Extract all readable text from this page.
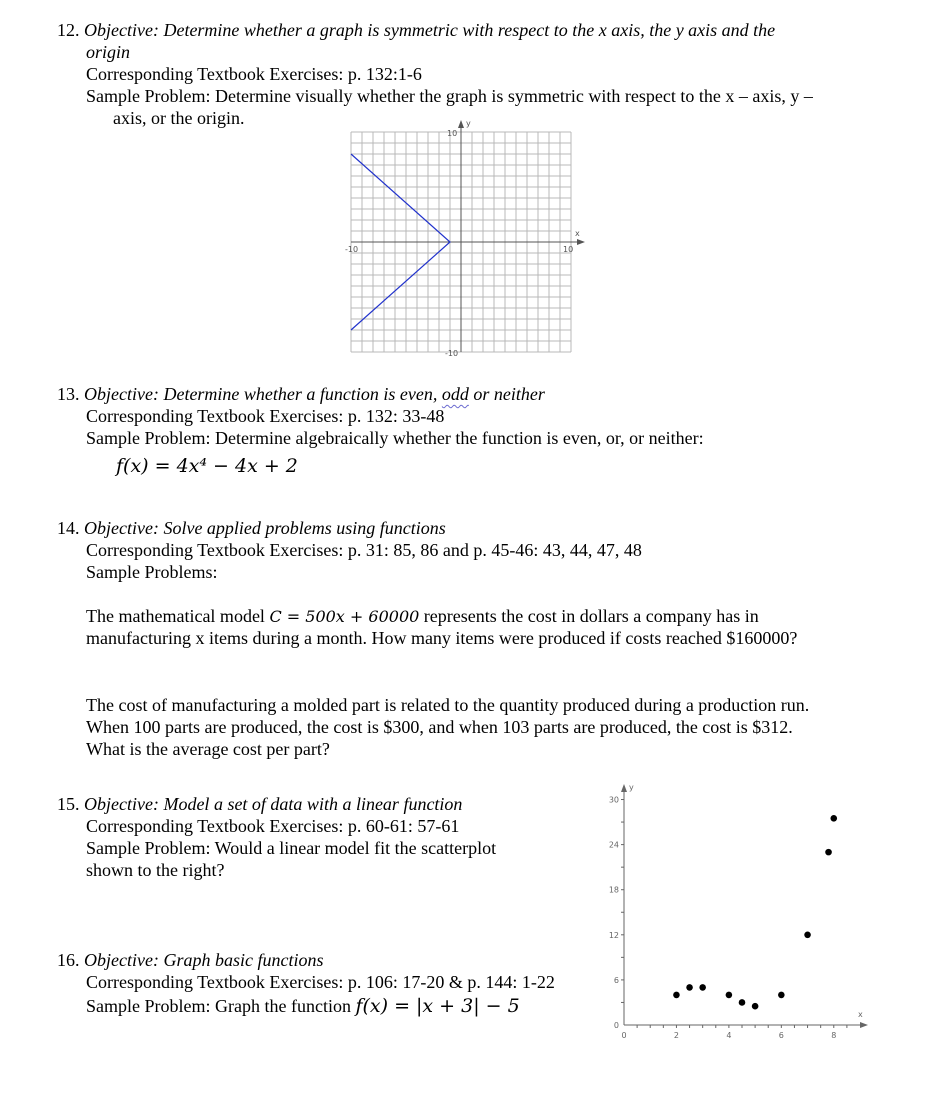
12. Objective: Determine whether a graph is symmetric with respect to the x axis, the y axis and the
origin
Corresponding Textbook Exercises: p. 132:1-6
Sample Problem: Determine visually whether the graph is symmetric with respect to the x – axis, y –
axis, or the origin.
x
y
-10	10
10
-10
13. Objective: Determine whether a function is even, odd or neither
Corresponding Textbook Exercises: p. 132: 33-48
Sample Problem: Determine algebraically whether the function is even, or, or neither:
f(x) = 4x⁴ − 4x + 2
14. Objective: Solve applied problems using functions
Corresponding Textbook Exercises: p. 31: 85, 86 and p. 45-46: 43, 44, 47, 48
Sample Problems:
The mathematical model C = 500x + 60000 represents the cost in dollars a company has in
manufacturing x items during a month. How many items were produced if costs reached $160000?
The cost of manufacturing a molded part is related to the quantity produced during a production run.
When 100 parts are produced, the cost is $300, and when 103 parts are produced, the cost is $312.
What is the average cost per part?
15. Objective: Model a set of data with a linear function
Corresponding Textbook Exercises: p. 60-61: 57-61
Sample Problem: Would a linear model fit the scatterplot
shown to the right?
16. Objective: Graph basic functions
Corresponding Textbook Exercises: p. 106: 17-20 & p. 144: 1-22
Sample Problem: Graph the function f(x) = |x + 3| − 5
y
x
0	2	4	6	8
0
6
12
18
24
30
